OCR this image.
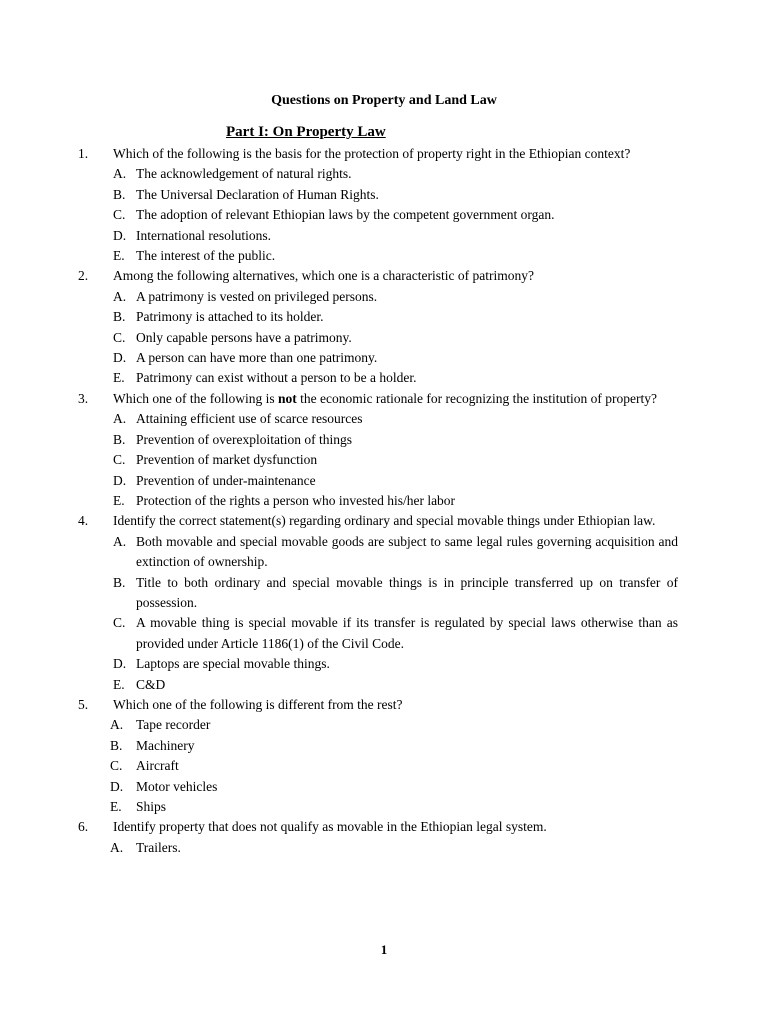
Questions on Property and Land Law
Part I: On Property Law
1. Which of the following is the basis for the protection of property right in the Ethiopian context?
A. The acknowledgement of natural rights.
B. The Universal Declaration of Human Rights.
C. The adoption of relevant Ethiopian laws by the competent government organ.
D. International resolutions.
E. The interest of the public.
2. Among the following alternatives, which one is a characteristic of patrimony?
A. A patrimony is vested on privileged persons.
B. Patrimony is attached to its holder.
C. Only capable persons have a patrimony.
D. A person can have more than one patrimony.
E. Patrimony can exist without a person to be a holder.
3. Which one of the following is not the economic rationale for recognizing the institution of property?
A. Attaining efficient use of scarce resources
B. Prevention of overexploitation of things
C. Prevention of market dysfunction
D. Prevention of under-maintenance
E. Protection of the rights a person who invested his/her labor
4. Identify the correct statement(s) regarding ordinary and special movable things under Ethiopian law.
A. Both movable and special movable goods are subject to same legal rules governing acquisition and extinction of ownership.
B. Title to both ordinary and special movable things is in principle transferred up on transfer of possession.
C. A movable thing is special movable if its transfer is regulated by special laws otherwise than as provided under Article 1186(1) of the Civil Code.
D. Laptops are special movable things.
E. C&D
5. Which one of the following is different from the rest?
A. Tape recorder
B. Machinery
C. Aircraft
D. Motor vehicles
E. Ships
6. Identify property that does not qualify as movable in the Ethiopian legal system.
A. Trailers.
1
